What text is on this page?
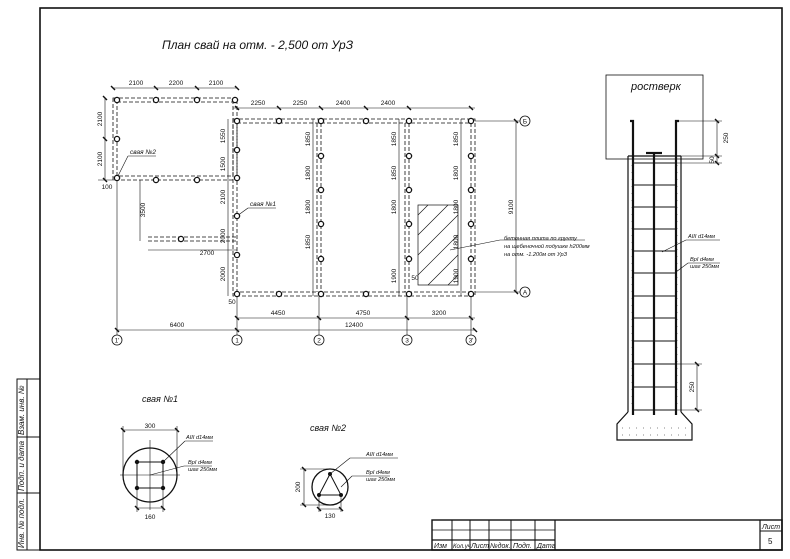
Инв. № подл.
Подп. и дата
Взам. инв. №
План свай на отм. - 2,500 от УрЗ
1'	1	2	3	3'
Б
А
2100	2200	2100
2250	2250	2400	2400
100
2700
50
50
4450	4750	3200
6400	12400
2100
2100
3500
1550
1500
2100
2000
2000
1850
1800
1800
1850
1850
1850
1800
1900
1850
1800
1800
1800
1900
9100
свая №2
свая №1
бетонная плита по грунту
на щебеночной подушке h200мм
на отм. -1.200м от УрЗ
ростверк
250
50
250
AIII d14мм
BpI d4мм
шаг 250мм
свая №1
300
160
AIII d14мм
BpI d4мм
шаг 250мм
свая №2
200
130
AIII d14мм
BpI d4мм
шаг 250мм
Изм Кол.уч Лист №док. Подп. Дата
Лист
5
